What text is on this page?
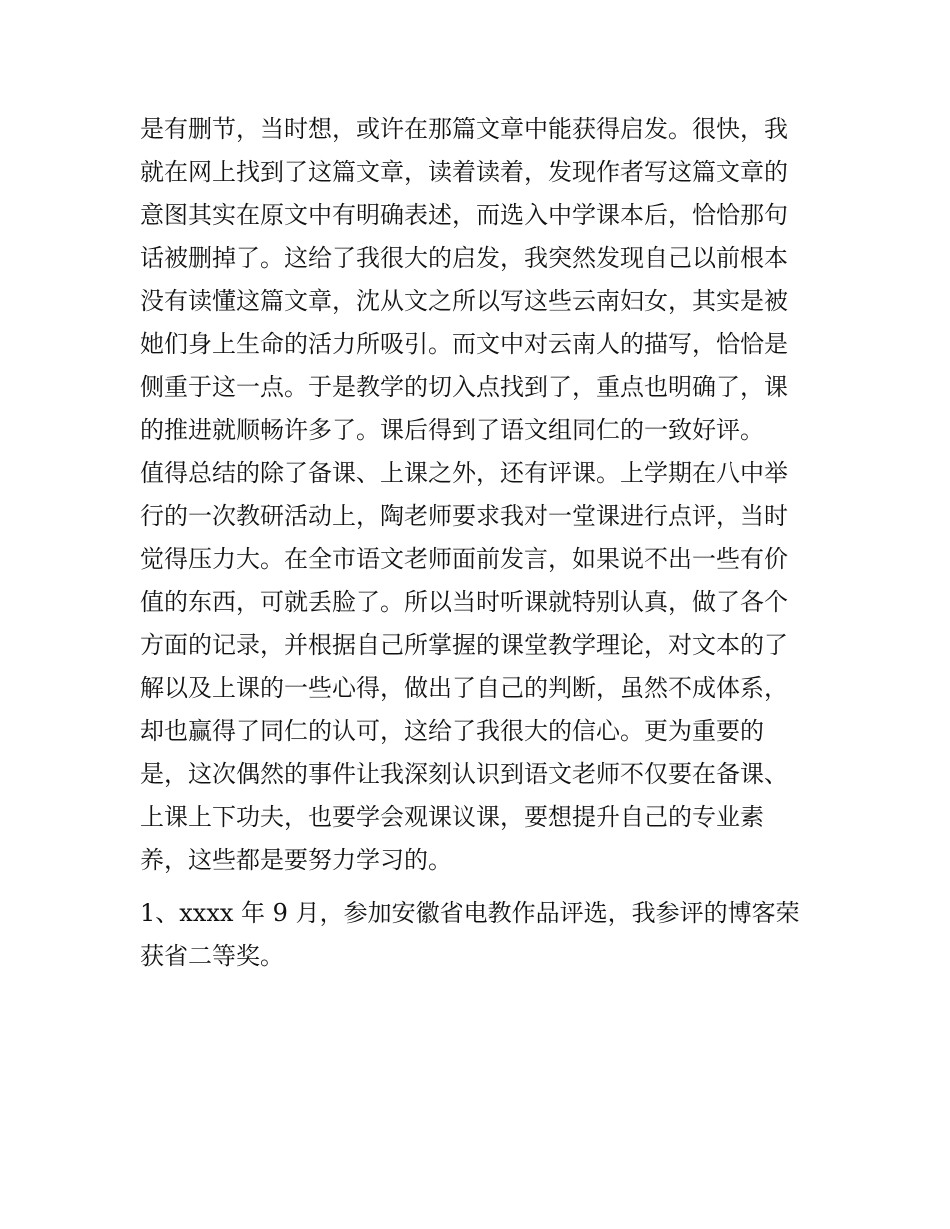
是有删节，当时想，或许在那篇文章中能获得启发。很快，我
就在网上找到了这篇文章，读着读着，发现作者写这篇文章的
意图其实在原文中有明确表述，而选入中学课本后，恰恰那句
话被删掉了。这给了我很大的启发，我突然发现自己以前根本
没有读懂这篇文章，沈从文之所以写这些云南妇女，其实是被
她们身上生命的活力所吸引。而文中对云南人的描写，恰恰是
侧重于这一点。于是教学的切入点找到了，重点也明确了，课
的推进就顺畅许多了。课后得到了语文组同仁的一致好评。
值得总结的除了备课、上课之外，还有评课。上学期在八中举
行的一次教研活动上，陶老师要求我对一堂课进行点评，当时
觉得压力大。在全市语文老师面前发言，如果说不出一些有价
值的东西，可就丢脸了。所以当时听课就特别认真，做了各个
方面的记录，并根据自己所掌握的课堂教学理论，对文本的了
解以及上课的一些心得，做出了自己的判断，虽然不成体系，
却也赢得了同仁的认可，这给了我很大的信心。更为重要的
是，这次偶然的事件让我深刻认识到语文老师不仅要在备课、
上课上下功夫，也要学会观课议课，要想提升自己的专业素
养，这些都是要努力学习的。
1、xxxx 年 9 月，参加安徽省电教作品评选，我参评的博客荣
获省二等奖。
